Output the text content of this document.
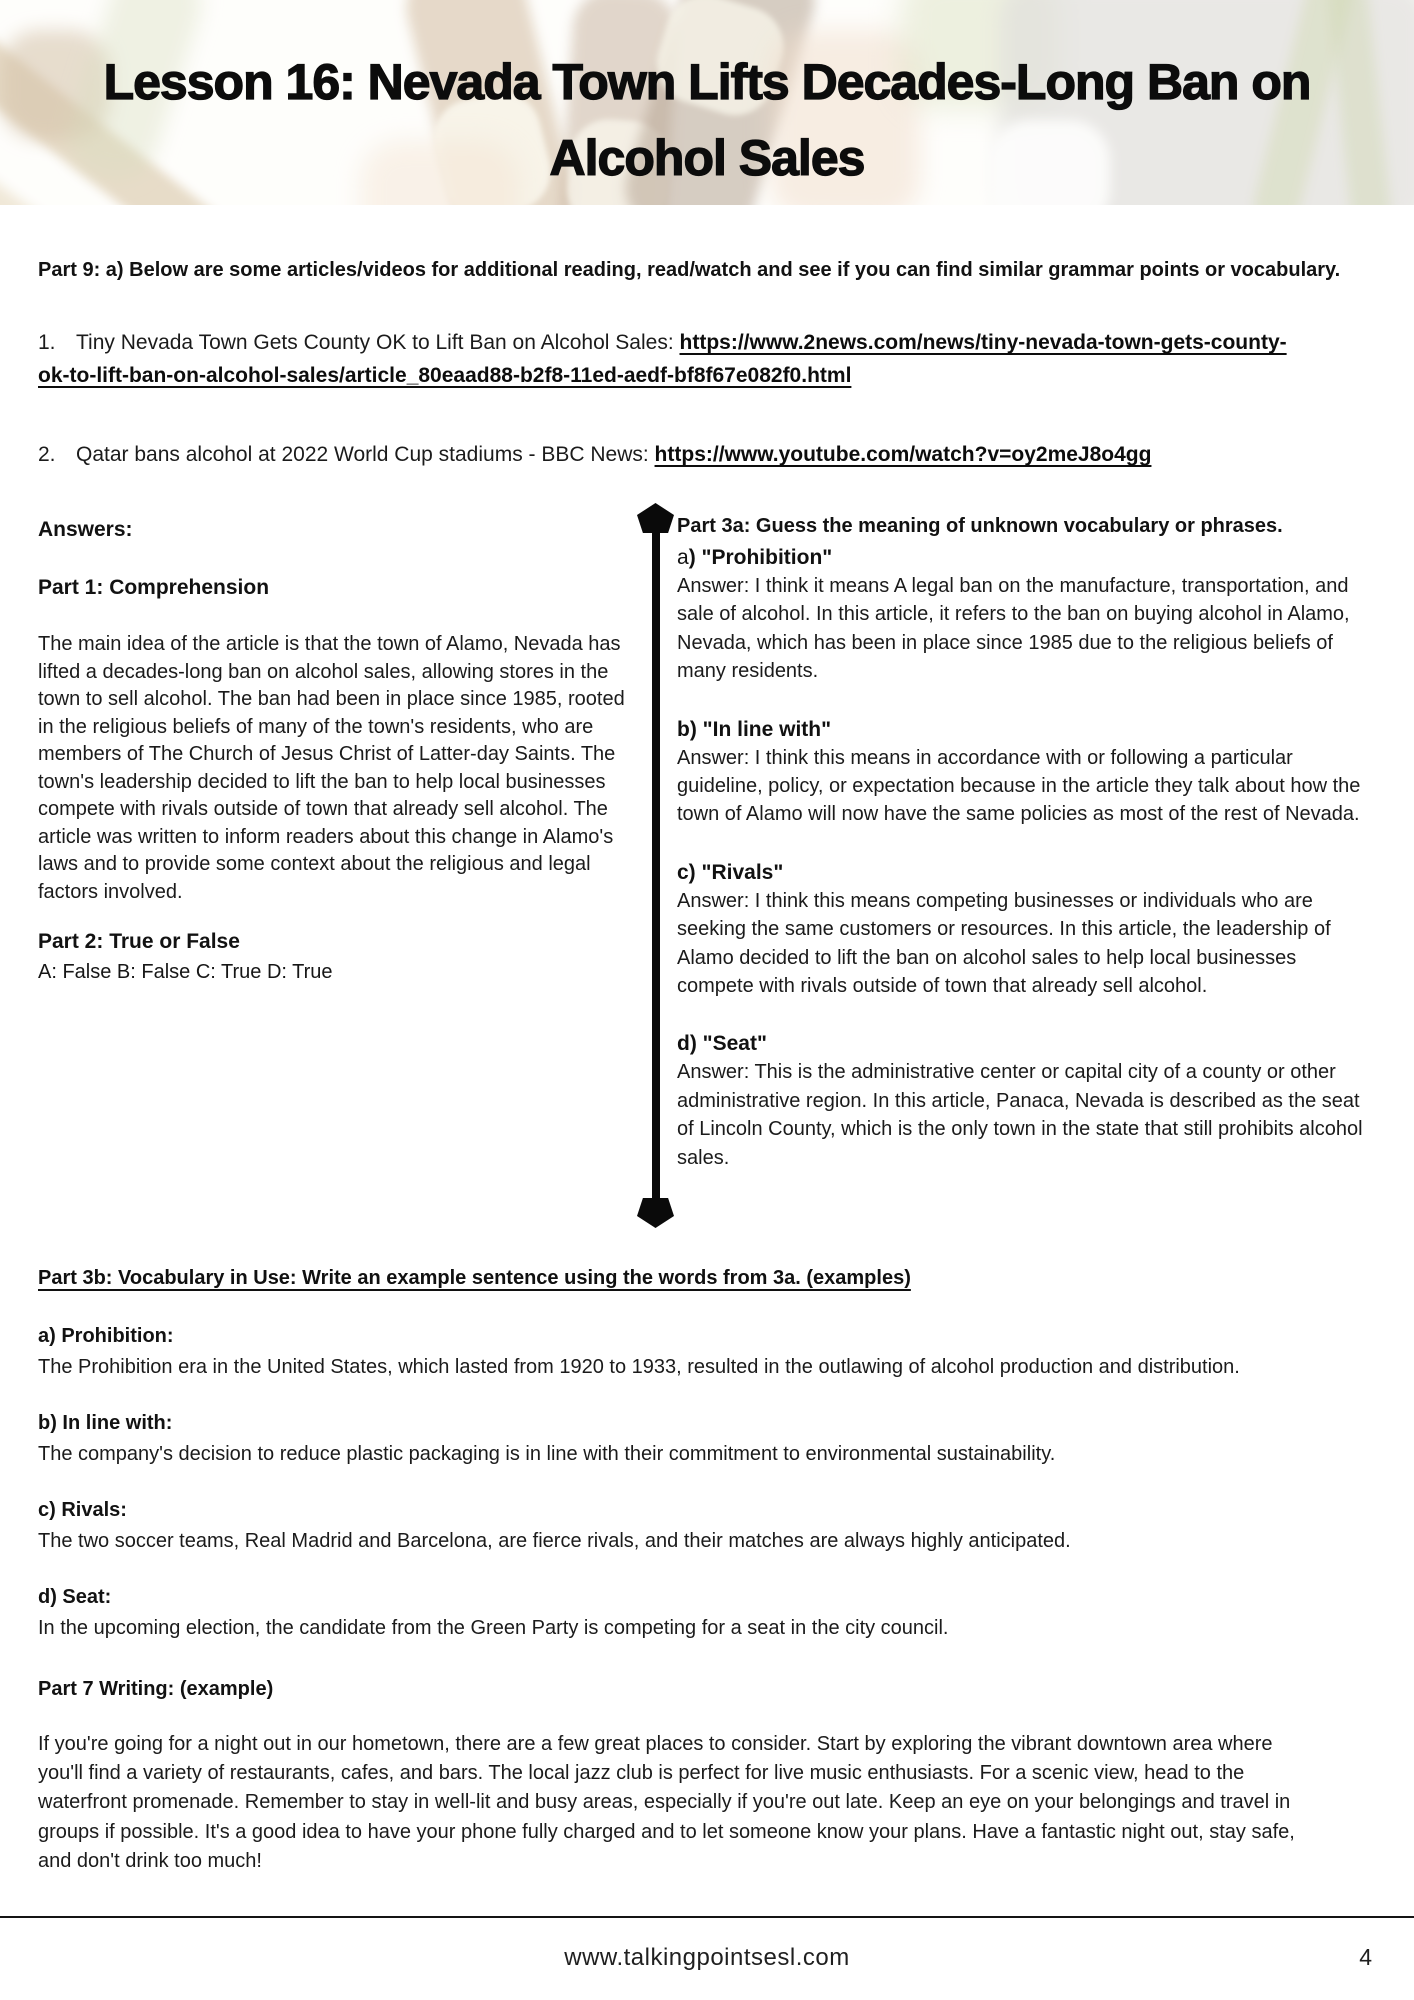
Lesson 16: Nevada Town Lifts Decades-Long Ban on
Alcohol Sales

Part 9: a) Below are some articles/videos for additional reading, read/watch and see if you can find similar grammar points or vocabulary.

1. Tiny Nevada Town Gets County OK to Lift Ban on Alcohol Sales: https://www.2news.com/news/tiny-nevada-town-gets-county-ok-to-lift-ban-on-alcohol-sales/article_80eaad88-b2f8-11ed-aedf-bf8f67e082f0.html

2. Qatar bans alcohol at 2022 World Cup stadiums - BBC News: https://www.youtube.com/watch?v=oy2meJ8o4gg

Answers:

Part 1: Comprehension

The main idea of the article is that the town of Alamo, Nevada has lifted a decades-long ban on alcohol sales, allowing stores in the town to sell alcohol. The ban had been in place since 1985, rooted in the religious beliefs of many of the town's residents, who are members of The Church of Jesus Christ of Latter-day Saints. The town's leadership decided to lift the ban to help local businesses compete with rivals outside of town that already sell alcohol. The article was written to inform readers about this change in Alamo's laws and to provide some context about the religious and legal factors involved.

Part 2: True or False

A: False B: False C: True D: True

Part 3a: Guess the meaning of unknown vocabulary or phrases.

a) "Prohibition"

Answer: I think it means A legal ban on the manufacture, transportation, and sale of alcohol. In this article, it refers to the ban on buying alcohol in Alamo, Nevada, which has been in place since 1985 due to the religious beliefs of many residents.

b) "In line with"

Answer: I think this means in accordance with or following a particular guideline, policy, or expectation because in the article they talk about how the town of Alamo will now have the same policies as most of the rest of Nevada.

c) "Rivals"

Answer: I think this means competing businesses or individuals who are seeking the same customers or resources. In this article, the leadership of Alamo decided to lift the ban on alcohol sales to help local businesses compete with rivals outside of town that already sell alcohol.

d) "Seat"

Answer: This is the administrative center or capital city of a county or other administrative region. In this article, Panaca, Nevada is described as the seat of Lincoln County, which is the only town in the state that still prohibits alcohol sales.

Part 3b: Vocabulary in Use: Write an example sentence using the words from 3a. (examples)

a) Prohibition:

The Prohibition era in the United States, which lasted from 1920 to 1933, resulted in the outlawing of alcohol production and distribution.

b) In line with:

The company's decision to reduce plastic packaging is in line with their commitment to environmental sustainability.

c) Rivals:

The two soccer teams, Real Madrid and Barcelona, are fierce rivals, and their matches are always highly anticipated.

d) Seat:

In the upcoming election, the candidate from the Green Party is competing for a seat in the city council.

Part 7 Writing: (example)

If you're going for a night out in our hometown, there are a few great places to consider. Start by exploring the vibrant downtown area where you'll find a variety of restaurants, cafes, and bars. The local jazz club is perfect for live music enthusiasts. For a scenic view, head to the waterfront promenade. Remember to stay in well-lit and busy areas, especially if you're out late. Keep an eye on your belongings and travel in groups if possible. It's a good idea to have your phone fully charged and to let someone know your plans. Have a fantastic night out, stay safe, and don't drink too much!

www.talkingpointsesl.com	4
